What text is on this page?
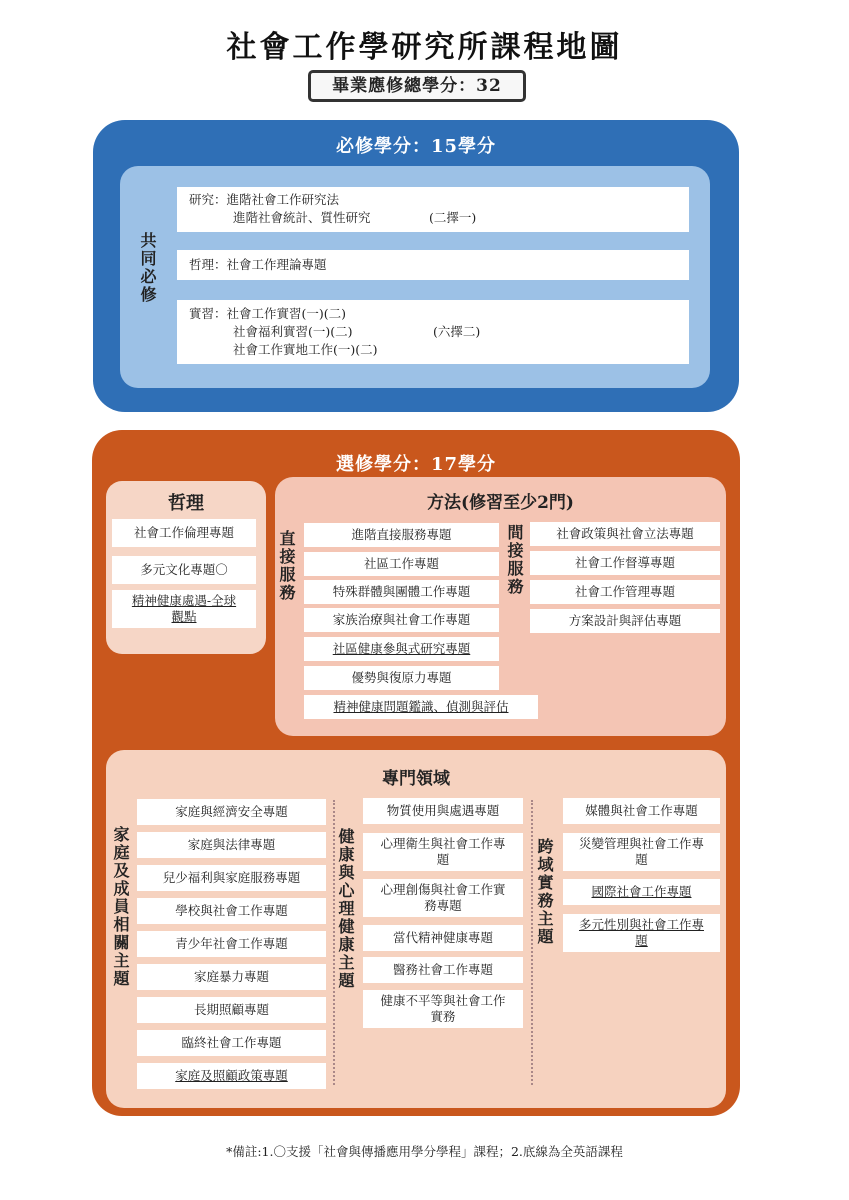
社會工作學研究所課程地圖
畢業應修總學分：32
必修學分：15學分
共同必修
研究：進階社會工作研究法
進階社會統計、質性研究	(二擇一)
哲理：社會工作理論專題
實習：社會工作實習(一)(二)
社會福利實習(一)(二)
社會工作實地工作(一)(二)
(六擇二)
選修學分：17學分
哲理
社會工作倫理專題
多元文化專題〇
精神健康處遇-全球觀點
方法(修習至少2門)
直接服務	間接服務
進階直接服務專題
社區工作專題
特殊群體與團體工作專題
家族治療與社會工作專題
社區健康參與式研究專題
優勢與復原力專題
精神健康問題鑑識、偵測與評估
社會政策與社會立法專題
社會工作督導專題
社會工作管理專題
方案設計與評估專題
專門領域
家庭及成員相關主題	健康與心理健康主題	跨域實務主題
家庭與經濟安全專題
家庭與法律專題
兒少福利與家庭服務專題
學校與社會工作專題
青少年社會工作專題
家庭暴力專題
長期照顧專題
臨終社會工作專題
家庭及照顧政策專題
物質使用與處遇專題
心理衛生與社會工作專題
心理創傷與社會工作實務專題
當代精神健康專題
醫務社會工作專題
健康不平等與社會工作實務
媒體與社會工作專題
災變管理與社會工作專題
國際社會工作專題
多元性別與社會工作專題
*備註:1.〇支援「社會與傳播應用學分學程」課程；2.底線為全英語課程
